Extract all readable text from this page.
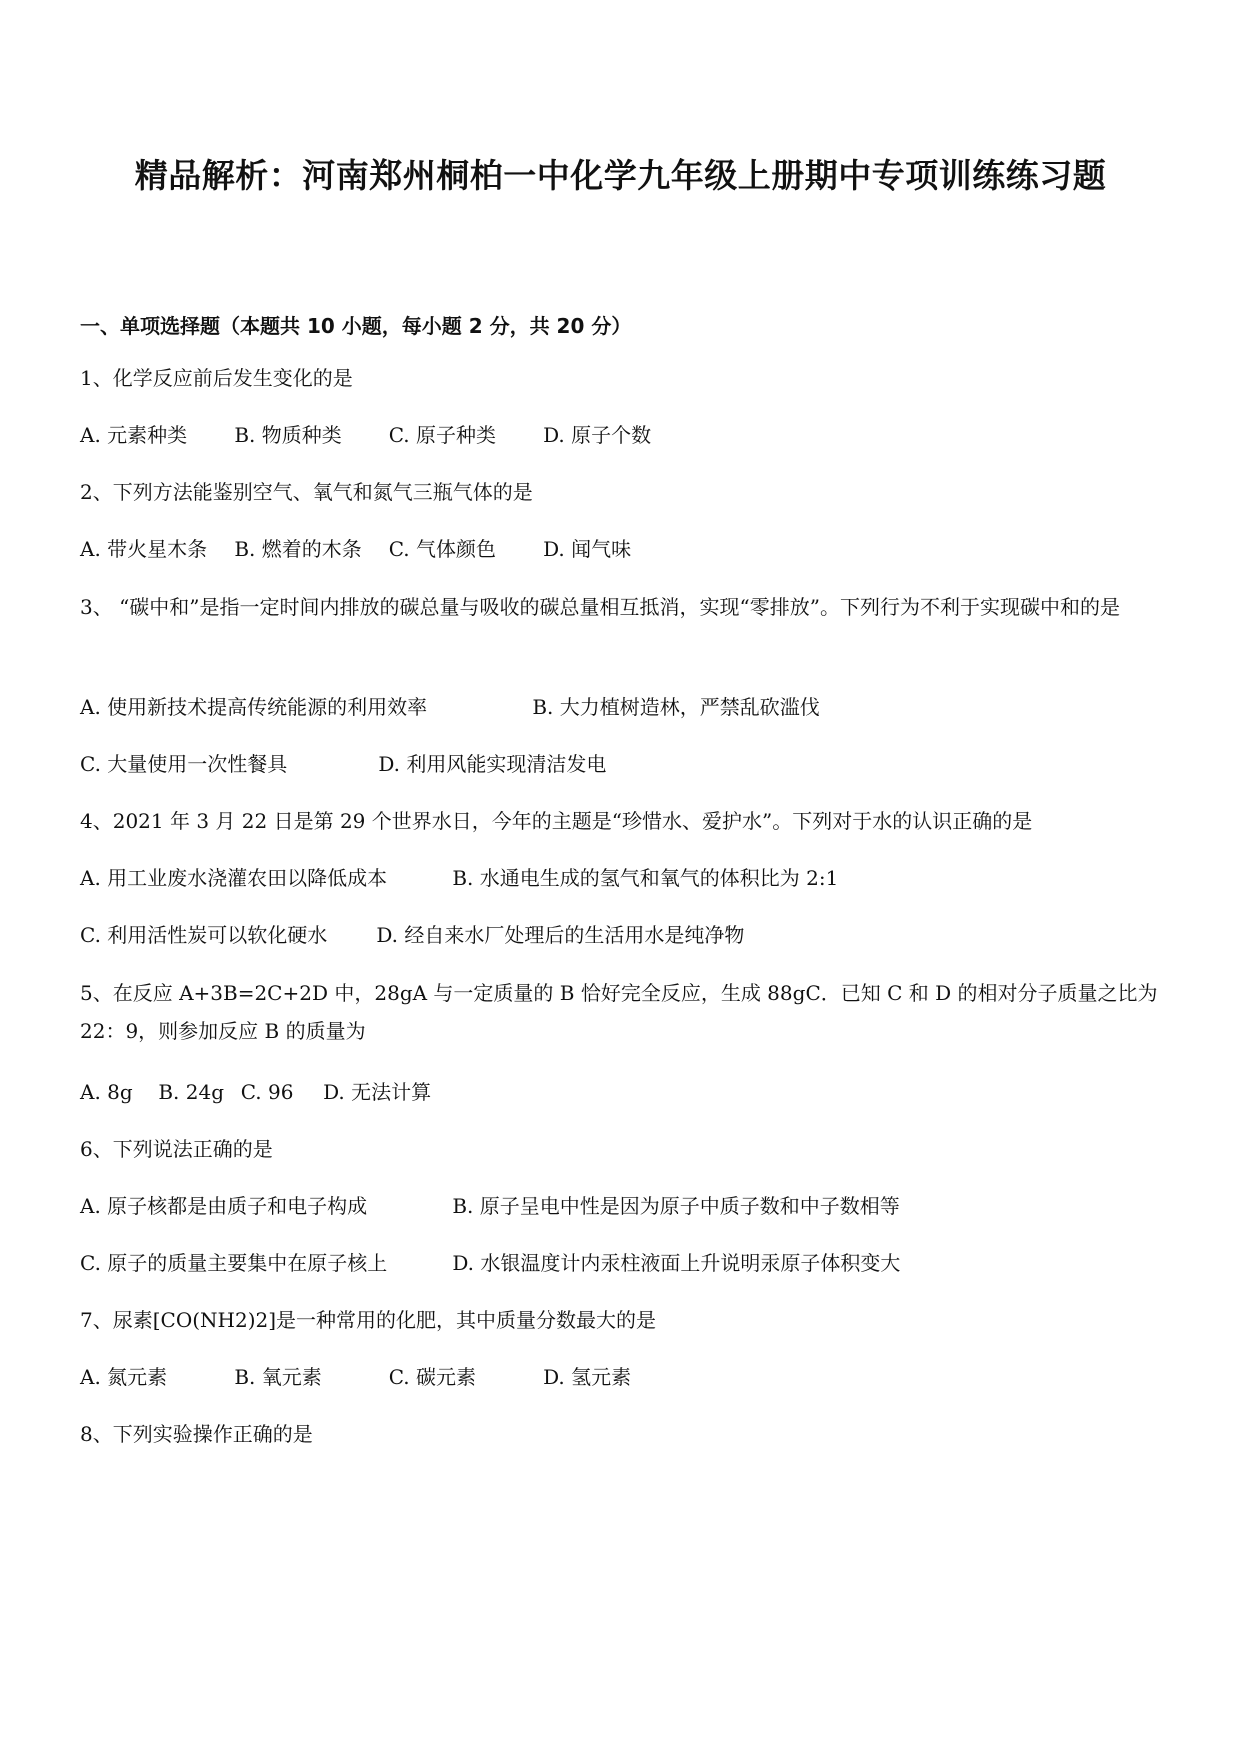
精品解析：河南郑州桐柏一中化学九年级上册期中专项训练练习题
一、单项选择题（本题共 10 小题，每小题 2 分，共 20 分）
1、化学反应前后发生变化的是
A. 元素种类 B. 物质种类 C. 原子种类 D. 原子个数
2、下列方法能鉴别空气、氧气和氮气三瓶气体的是
A. 带火星木条 B. 燃着的木条 C. 气体颜色 D. 闻气味
3、 “碳中和”是指一定时间内排放的碳总量与吸收的碳总量相互抵消，实现“零排放”。下列行为不利于实现碳中和的是
A. 使用新技术提高传统能源的利用效率	B. 大力植树造林，严禁乱砍滥伐
C. 大量使用一次性餐具	D. 利用风能实现清洁发电
4、2021 年 3 月 22 日是第 29 个世界水日，今年的主题是“珍惜水、爱护水”。下列对于水的认识正确的是
A. 用工业废水浇灌农田以降低成本	B. 水通电生成的氢气和氧气的体积比为 2:1
C. 利用活性炭可以软化硬水 D. 经自来水厂处理后的生活用水是纯净物
5、在反应 A+3B=2C+2D 中，28gA 与一定质量的 B 恰好完全反应，生成 88gC．已知 C 和 D 的相对分子质量之比为 22：9，则参加反应 B 的质量为
A. 8g B. 24g C. 96 D. 无法计算
6、下列说法正确的是
A. 原子核都是由质子和电子构成	B. 原子呈电中性是因为原子中质子数和中子数相等
C. 原子的质量主要集中在原子核上	D. 水银温度计内汞柱液面上升说明汞原子体积变大
7、尿素[CO(NH2)2]是一种常用的化肥，其中质量分数最大的是
A. 氮元素	B. 氧元素	C. 碳元素	D. 氢元素
8、下列实验操作正确的是
